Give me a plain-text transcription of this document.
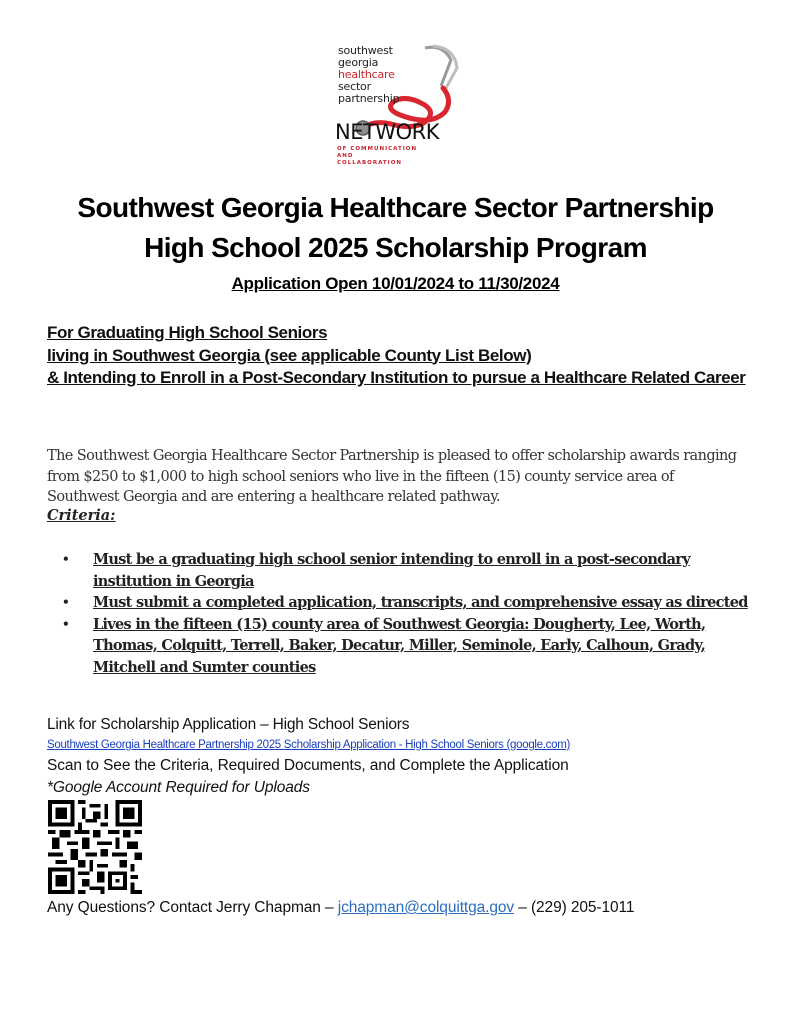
southwest
georgia
healthcare
sector
partnership
NETWORK
OF COMMUNICATION
AND
COLLABORATION
Southwest Georgia Healthcare Sector Partnership
High School 2025 Scholarship Program
Application Open 10/01/2024 to 11/30/2024
For Graduating High School Seniors
living in Southwest Georgia (see applicable County List Below)
& Intending to Enroll in a Post-Secondary Institution to pursue a Healthcare Related Career
The Southwest Georgia Healthcare Sector Partnership is pleased to offer scholarship awards ranging from $250 to $1,000 to high school seniors who live in the fifteen (15) county service area of Southwest Georgia and are entering a healthcare related pathway.
Criteria:
• Must be a graduating high school senior intending to enroll in a post-secondary institution in Georgia
• Must submit a completed application, transcripts, and comprehensive essay as directed
• Lives in the fifteen (15) county area of Southwest Georgia: Dougherty, Lee, Worth, Thomas, Colquitt, Terrell, Baker, Decatur, Miller, Seminole, Early, Calhoun, Grady, Mitchell and Sumter counties
Link for Scholarship Application – High School Seniors
Southwest Georgia Healthcare Partnership 2025 Scholarship Application - High School Seniors (google.com)
Scan to See the Criteria, Required Documents, and Complete the Application
*Google Account Required for Uploads
Any Questions? Contact Jerry Chapman – jchapman@colquittga.gov – (229) 205-1011
